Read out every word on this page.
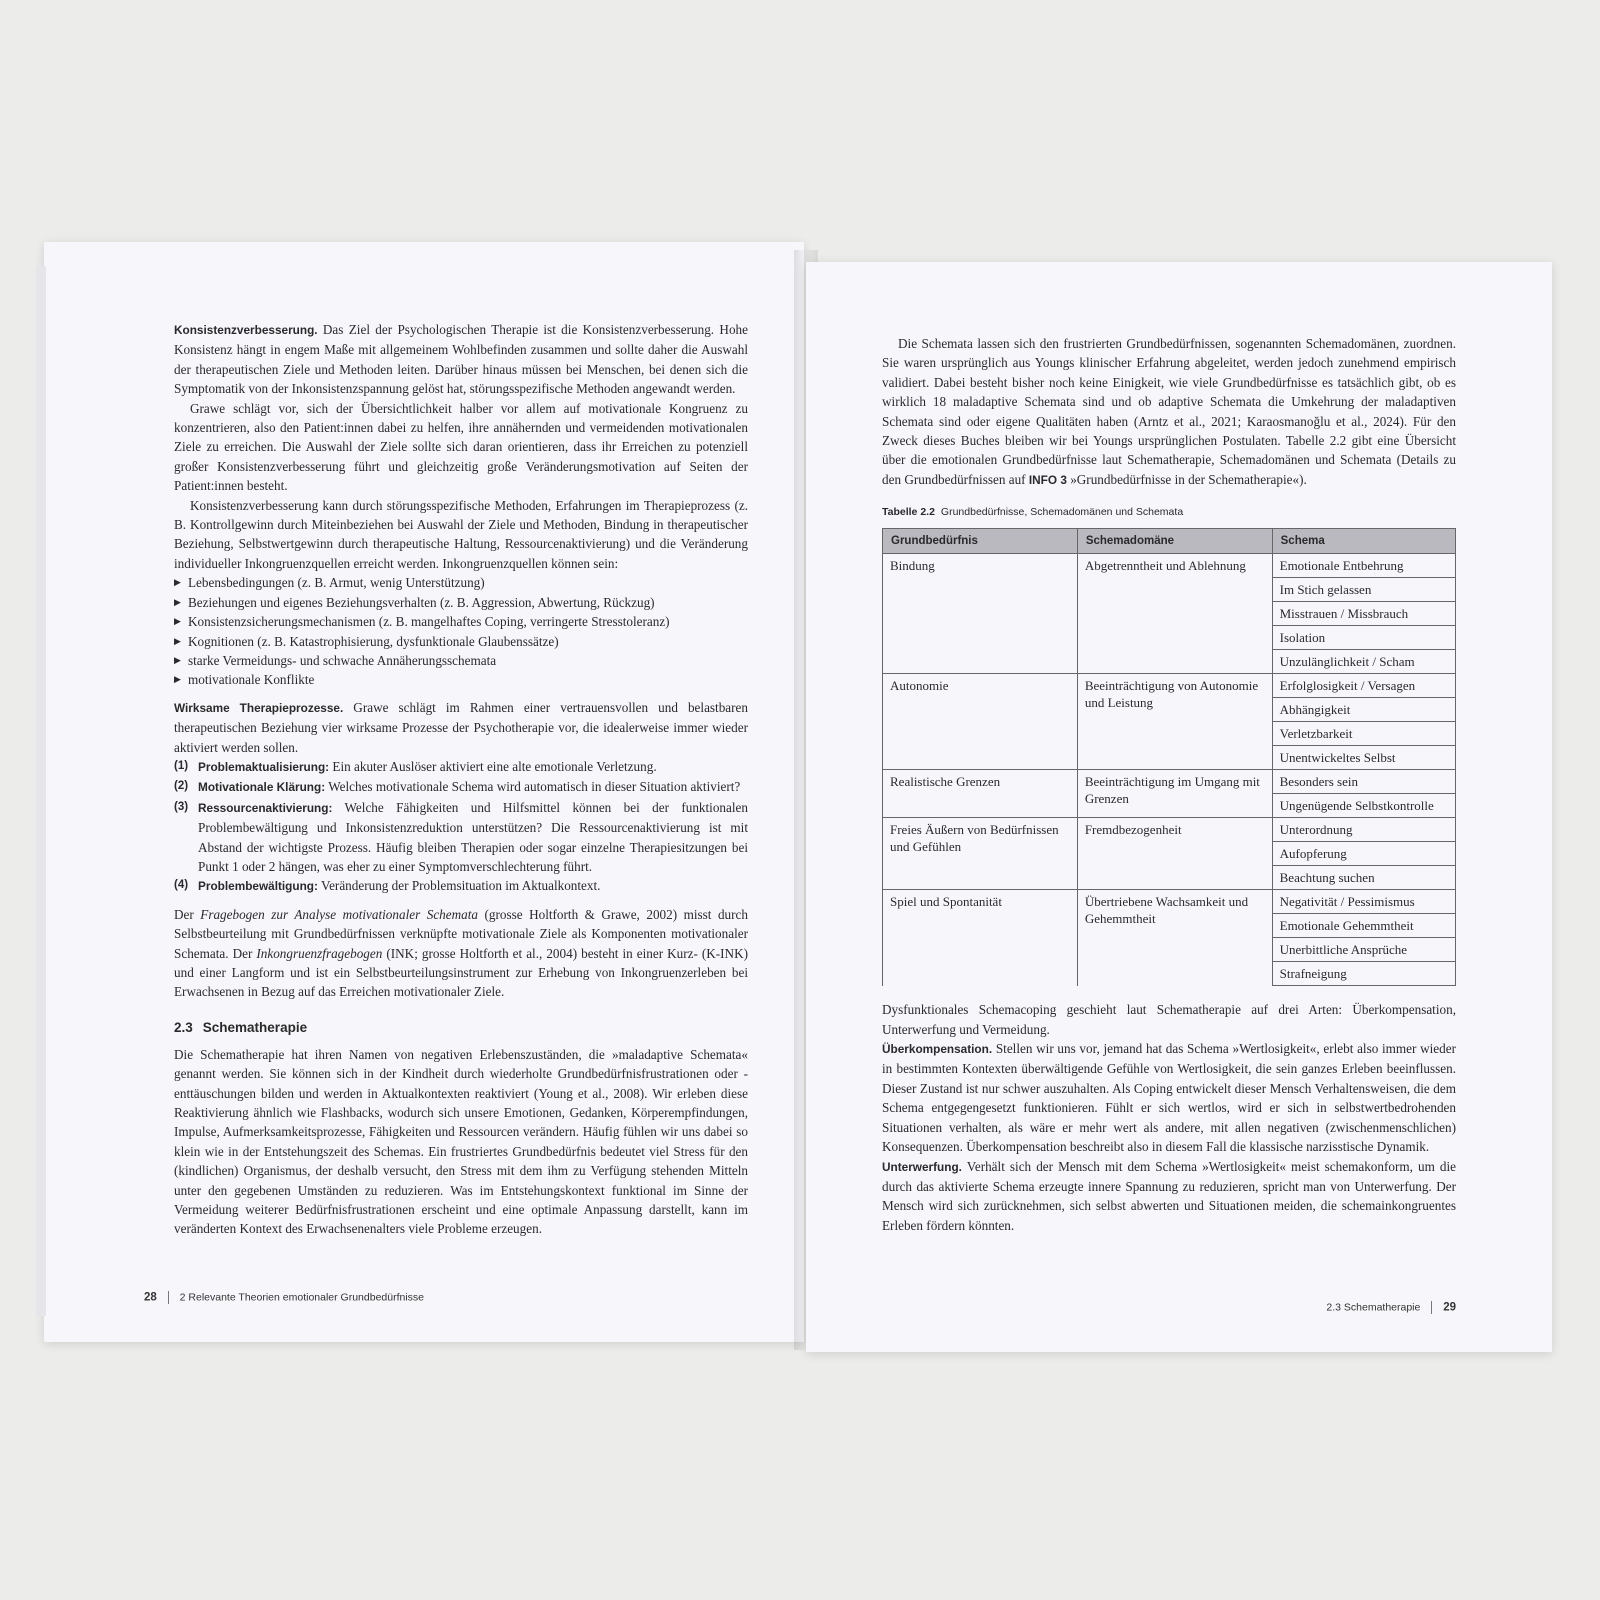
Konsistenzverbesserung. Das Ziel der Psychologischen Therapie ist die Konsistenzverbesserung. Hohe Konsistenz hängt in engem Maße mit allgemeinem Wohlbefinden zusammen und sollte daher die Auswahl der therapeutischen Ziele und Methoden leiten. Darüber hinaus müssen bei Menschen, bei denen sich die Symptomatik von der Inkonsistenzspannung gelöst hat, störungsspezifische Methoden angewandt werden.

Grawe schlägt vor, sich der Übersichtlichkeit halber vor allem auf motivationale Kongruenz zu konzentrieren, also den Patient:innen dabei zu helfen, ihre annähernden und vermeidenden motivationalen Ziele zu erreichen. Die Auswahl der Ziele sollte sich daran orientieren, dass ihr Erreichen zu potenziell großer Konsistenzverbesserung führt und gleichzeitig große Veränderungsmotivation auf Seiten der Patient:innen besteht.

Konsistenzverbesserung kann durch störungsspezifische Methoden, Erfahrungen im Therapieprozess (z. B. Kontrollgewinn durch Miteinbeziehen bei Auswahl der Ziele und Methoden, Bindung in therapeutischer Beziehung, Selbstwertgewinn durch therapeutische Haltung, Ressourcenaktivierung) und die Veränderung individueller Inkongruenzquellen erreicht werden. Inkongruenzquellen können sein:

▶ Lebensbedingungen (z. B. Armut, wenig Unterstützung)
▶ Beziehungen und eigenes Beziehungsverhalten (z. B. Aggression, Abwertung, Rückzug)
▶ Konsistenzsicherungsmechanismen (z. B. mangelhaftes Coping, verringerte Stresstoleranz)
▶ Kognitionen (z. B. Katastrophisierung, dysfunktionale Glaubenssätze)
▶ starke Vermeidungs- und schwache Annäherungsschemata
▶ motivationale Konflikte

Wirksame Therapieprozesse. Grawe schlägt im Rahmen einer vertrauensvollen und belastbaren therapeutischen Beziehung vier wirksame Prozesse der Psychotherapie vor, die idealerweise immer wieder aktiviert werden sollen.

(1) Problemaktualisierung: Ein akuter Auslöser aktiviert eine alte emotionale Verletzung.
(2) Motivationale Klärung: Welches motivationale Schema wird automatisch in dieser Situation aktiviert?
(3) Ressourcenaktivierung: Welche Fähigkeiten und Hilfsmittel können bei der funktionalen Problembewältigung und Inkonsistenzreduktion unterstützen? Die Ressourcenaktivierung ist mit Abstand der wichtigste Prozess. Häufig bleiben Therapien oder sogar einzelne Therapiesitzungen bei Punkt 1 oder 2 hängen, was eher zu einer Symptomverschlechterung führt.
(4) Problembewältigung: Veränderung der Problemsituation im Aktualkontext.

Der Fragebogen zur Analyse motivationaler Schemata (grosse Holtforth & Grawe, 2002) misst durch Selbstbeurteilung mit Grundbedürfnissen verknüpfte motivationale Ziele als Komponenten motivationaler Schemata. Der Inkongruenzfragebogen (INK; grosse Holtforth et al., 2004) besteht in einer Kurz- (K-INK) und einer Langform und ist ein Selbstbeurteilungsinstrument zur Erhebung von Inkongruenzerleben bei Erwachsenen in Bezug auf das Erreichen motivationaler Ziele.

2.3 Schematherapie

Die Schematherapie hat ihren Namen von negativen Erlebenszuständen, die »maladaptive Schemata« genannt werden. Sie können sich in der Kindheit durch wiederholte Grundbedürfnisfrustrationen oder -enttäuschungen bilden und werden in Aktualkontexten reaktiviert (Young et al., 2008). Wir erleben diese Reaktivierung ähnlich wie Flashbacks, wodurch sich unsere Emotionen, Gedanken, Körperempfindungen, Impulse, Aufmerksamkeitsprozesse, Fähigkeiten und Ressourcen verändern. Häufig fühlen wir uns dabei so klein wie in der Entstehungszeit des Schemas. Ein frustriertes Grundbedürfnis bedeutet viel Stress für den (kindlichen) Organismus, der deshalb versucht, den Stress mit dem ihm zu Verfügung stehenden Mitteln unter den gegebenen Umständen zu reduzieren. Was im Entstehungskontext funktional im Sinne der Vermeidung weiterer Bedürfnisfrustrationen erscheint und eine optimale Anpassung darstellt, kann im veränderten Kontext des Erwachsenenalters viele Probleme erzeugen.

28 2 Relevante Theorien emotionaler Grundbedürfnisse

Die Schemata lassen sich den frustrierten Grundbedürfnissen, sogenannten Schemadomänen, zuordnen. Sie waren ursprünglich aus Youngs klinischer Erfahrung abgeleitet, werden jedoch zunehmend empirisch validiert. Dabei besteht bisher noch keine Einigkeit, wie viele Grundbedürfnisse es tatsächlich gibt, ob es wirklich 18 maladaptive Schemata sind und ob adaptive Schemata die Umkehrung der maladaptiven Schemata sind oder eigene Qualitäten haben (Arntz et al., 2021; Karaosmanoğlu et al., 2024). Für den Zweck dieses Buches bleiben wir bei Youngs ursprünglichen Postulaten. Tabelle 2.2 gibt eine Übersicht über die emotionalen Grundbedürfnisse laut Schematherapie, Schemadomänen und Schemata (Details zu den Grundbedürfnissen auf INFO 3 »Grundbedürfnisse in der Schematherapie«).

Tabelle 2.2 Grundbedürfnisse, Schemadomänen und Schemata
Grundbedürfnis	Schemadomäne	Schema
Bindung	Abgetrenntheit und Ablehnung	Emotionale Entbehrung
		Im Stich gelassen
		Misstrauen / Missbrauch
		Isolation
		Unzulänglichkeit / Scham
Autonomie	Beeinträchtigung von Autonomie und Leistung	Erfolglosigkeit / Versagen
		Abhängigkeit
		Verletzbarkeit
		Unentwickeltes Selbst
Realistische Grenzen	Beeinträchtigung im Umgang mit Grenzen	Besonders sein
		Ungenügende Selbstkontrolle
Freies Äußern von Bedürfnissen und Gefühlen	Fremdbezogenheit	Unterordnung
		Aufopferung
		Beachtung suchen
Spiel und Spontanität	Übertriebene Wachsamkeit und Gehemmtheit	Negativität / Pessimismus
		Emotionale Gehemmtheit
		Unerbittliche Ansprüche
		Strafneigung

Dysfunktionales Schemacoping geschieht laut Schematherapie auf drei Arten: Überkompensation, Unterwerfung und Vermeidung.

Überkompensation. Stellen wir uns vor, jemand hat das Schema »Wertlosigkeit«, erlebt also immer wieder in bestimmten Kontexten überwältigende Gefühle von Wertlosigkeit, die sein ganzes Erleben beeinflussen. Dieser Zustand ist nur schwer auszuhalten. Als Coping entwickelt dieser Mensch Verhaltensweisen, die dem Schema entgegengesetzt funktionieren. Fühlt er sich wertlos, wird er sich in selbstwertbedrohenden Situationen verhalten, als wäre er mehr wert als andere, mit allen negativen (zwischenmenschlichen) Konsequenzen. Überkompensation beschreibt also in diesem Fall die klassische narzisstische Dynamik.

Unterwerfung. Verhält sich der Mensch mit dem Schema »Wertlosigkeit« meist schemakonform, um die durch das aktivierte Schema erzeugte innere Spannung zu reduzieren, spricht man von Unterwerfung. Der Mensch wird sich zurücknehmen, sich selbst abwerten und Situationen meiden, die schemainkongruentes Erleben fördern könnten.

2.3 Schematherapie 29
